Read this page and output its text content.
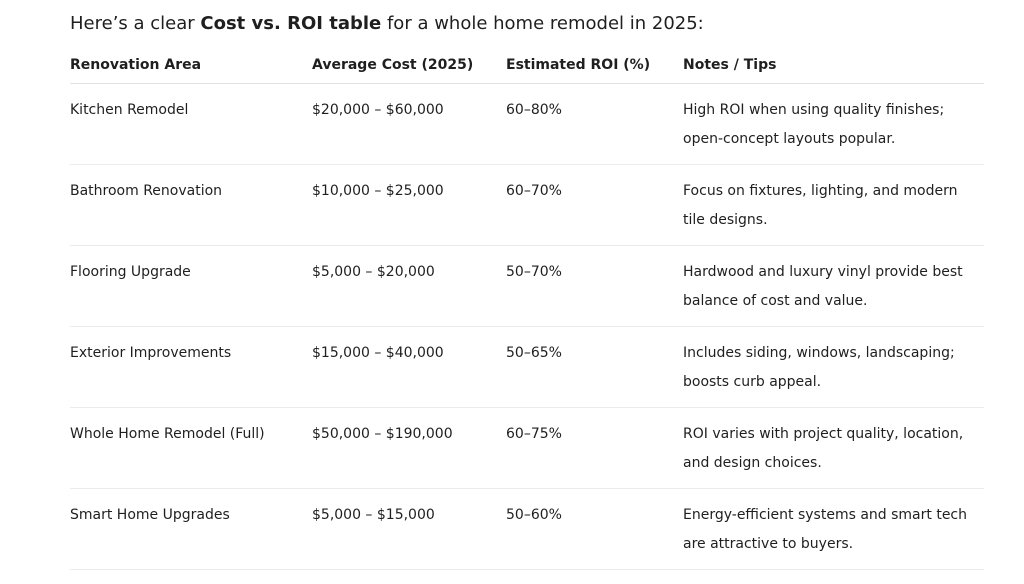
Here’s a clear Cost vs. ROI table for a whole home remodel in 2025:
Renovation Area	Average Cost (2025)	Estimated ROI (%)	Notes / Tips
Kitchen Remodel	$20,000 – $60,000	60–80%	High ROI when using quality finishes; open-concept layouts popular.
Bathroom Renovation	$10,000 – $25,000	60–70%	Focus on fixtures, lighting, and modern tile designs.
Flooring Upgrade	$5,000 – $20,000	50–70%	Hardwood and luxury vinyl provide best balance of cost and value.
Exterior Improvements	$15,000 – $40,000	50–65%	Includes siding, windows, landscaping; boosts curb appeal.
Whole Home Remodel (Full)	$50,000 – $190,000	60–75%	ROI varies with project quality, location, and design choices.
Smart Home Upgrades	$5,000 – $15,000	50–60%	Energy-efficient systems and smart tech are attractive to buyers.
